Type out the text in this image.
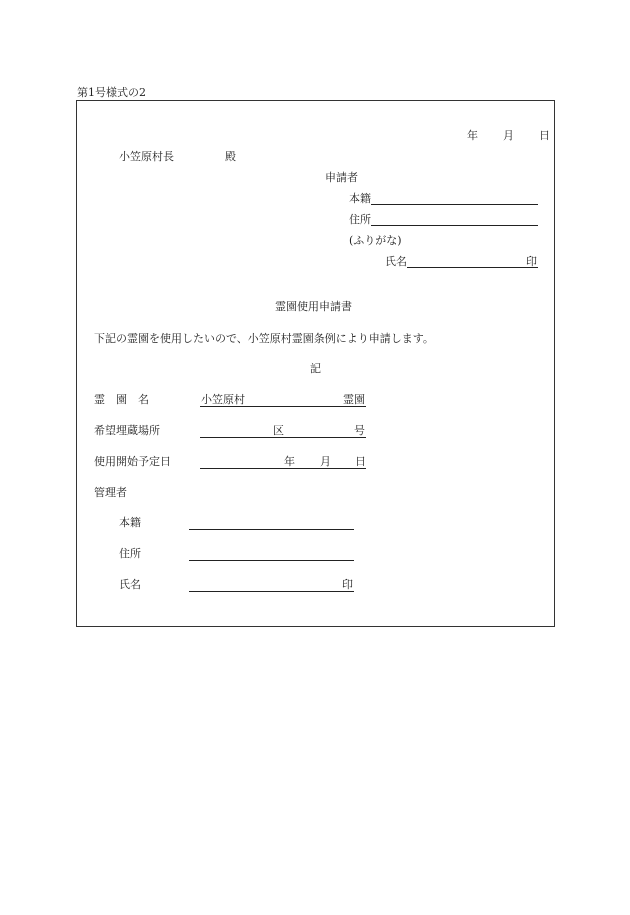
第1号様式の2
年 月 日
小笠原村長	殿
申請者
本籍
住所
(ふりがな)
氏名	印
霊園使用申請書
下記の霊園を使用したいので、小笠原村霊園条例により申請します。
記
霊　園　名	小笠原村	霊園
希望埋蔵場所	区	号
使用開始予定日	年 月 日
管理者
本籍
住所
氏名	印
